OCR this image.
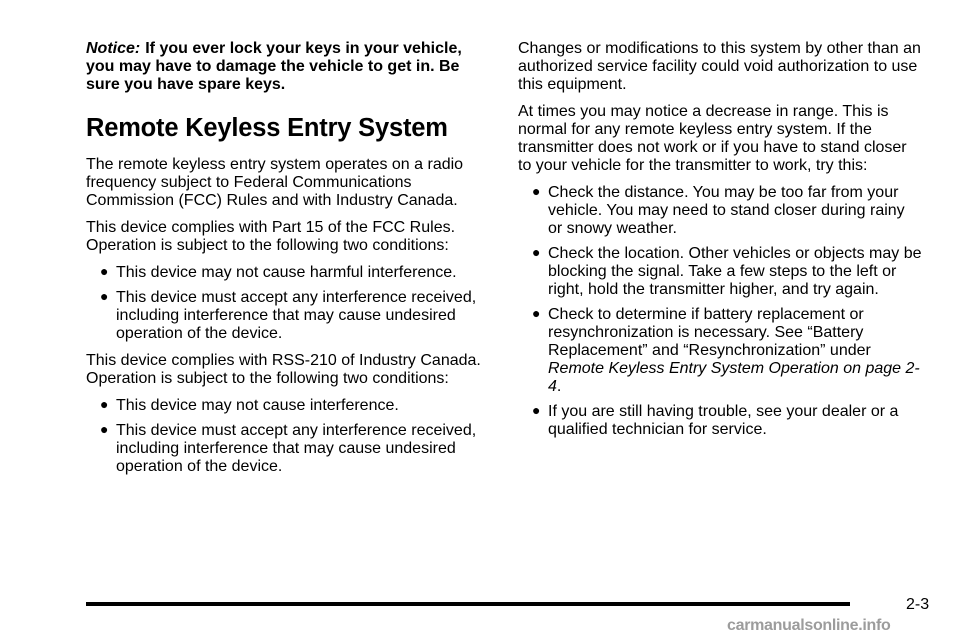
Notice: If you ever lock your keys in your vehicle, you may have to damage the vehicle to get in. Be sure you have spare keys.

Remote Keyless Entry System

The remote keyless entry system operates on a radio frequency subject to Federal Communications Commission (FCC) Rules and with Industry Canada.

This device complies with Part 15 of the FCC Rules. Operation is subject to the following two conditions:

● This device may not cause harmful interference.
● This device must accept any interference received, including interference that may cause undesired operation of the device.

This device complies with RSS-210 of Industry Canada. Operation is subject to the following two conditions:

● This device may not cause interference.
● This device must accept any interference received, including interference that may cause undesired operation of the device.

Changes or modifications to this system by other than an authorized service facility could void authorization to use this equipment.

At times you may notice a decrease in range. This is normal for any remote keyless entry system. If the transmitter does not work or if you have to stand closer to your vehicle for the transmitter to work, try this:

● Check the distance. You may be too far from your vehicle. You may need to stand closer during rainy or snowy weather.
● Check the location. Other vehicles or objects may be blocking the signal. Take a few steps to the left or right, hold the transmitter higher, and try again.
● Check to determine if battery replacement or resynchronization is necessary. See “Battery Replacement” and “Resynchronization” under Remote Keyless Entry System Operation on page 2-4.
● If you are still having trouble, see your dealer or a qualified technician for service.
2-3
carmanualsonline.info
